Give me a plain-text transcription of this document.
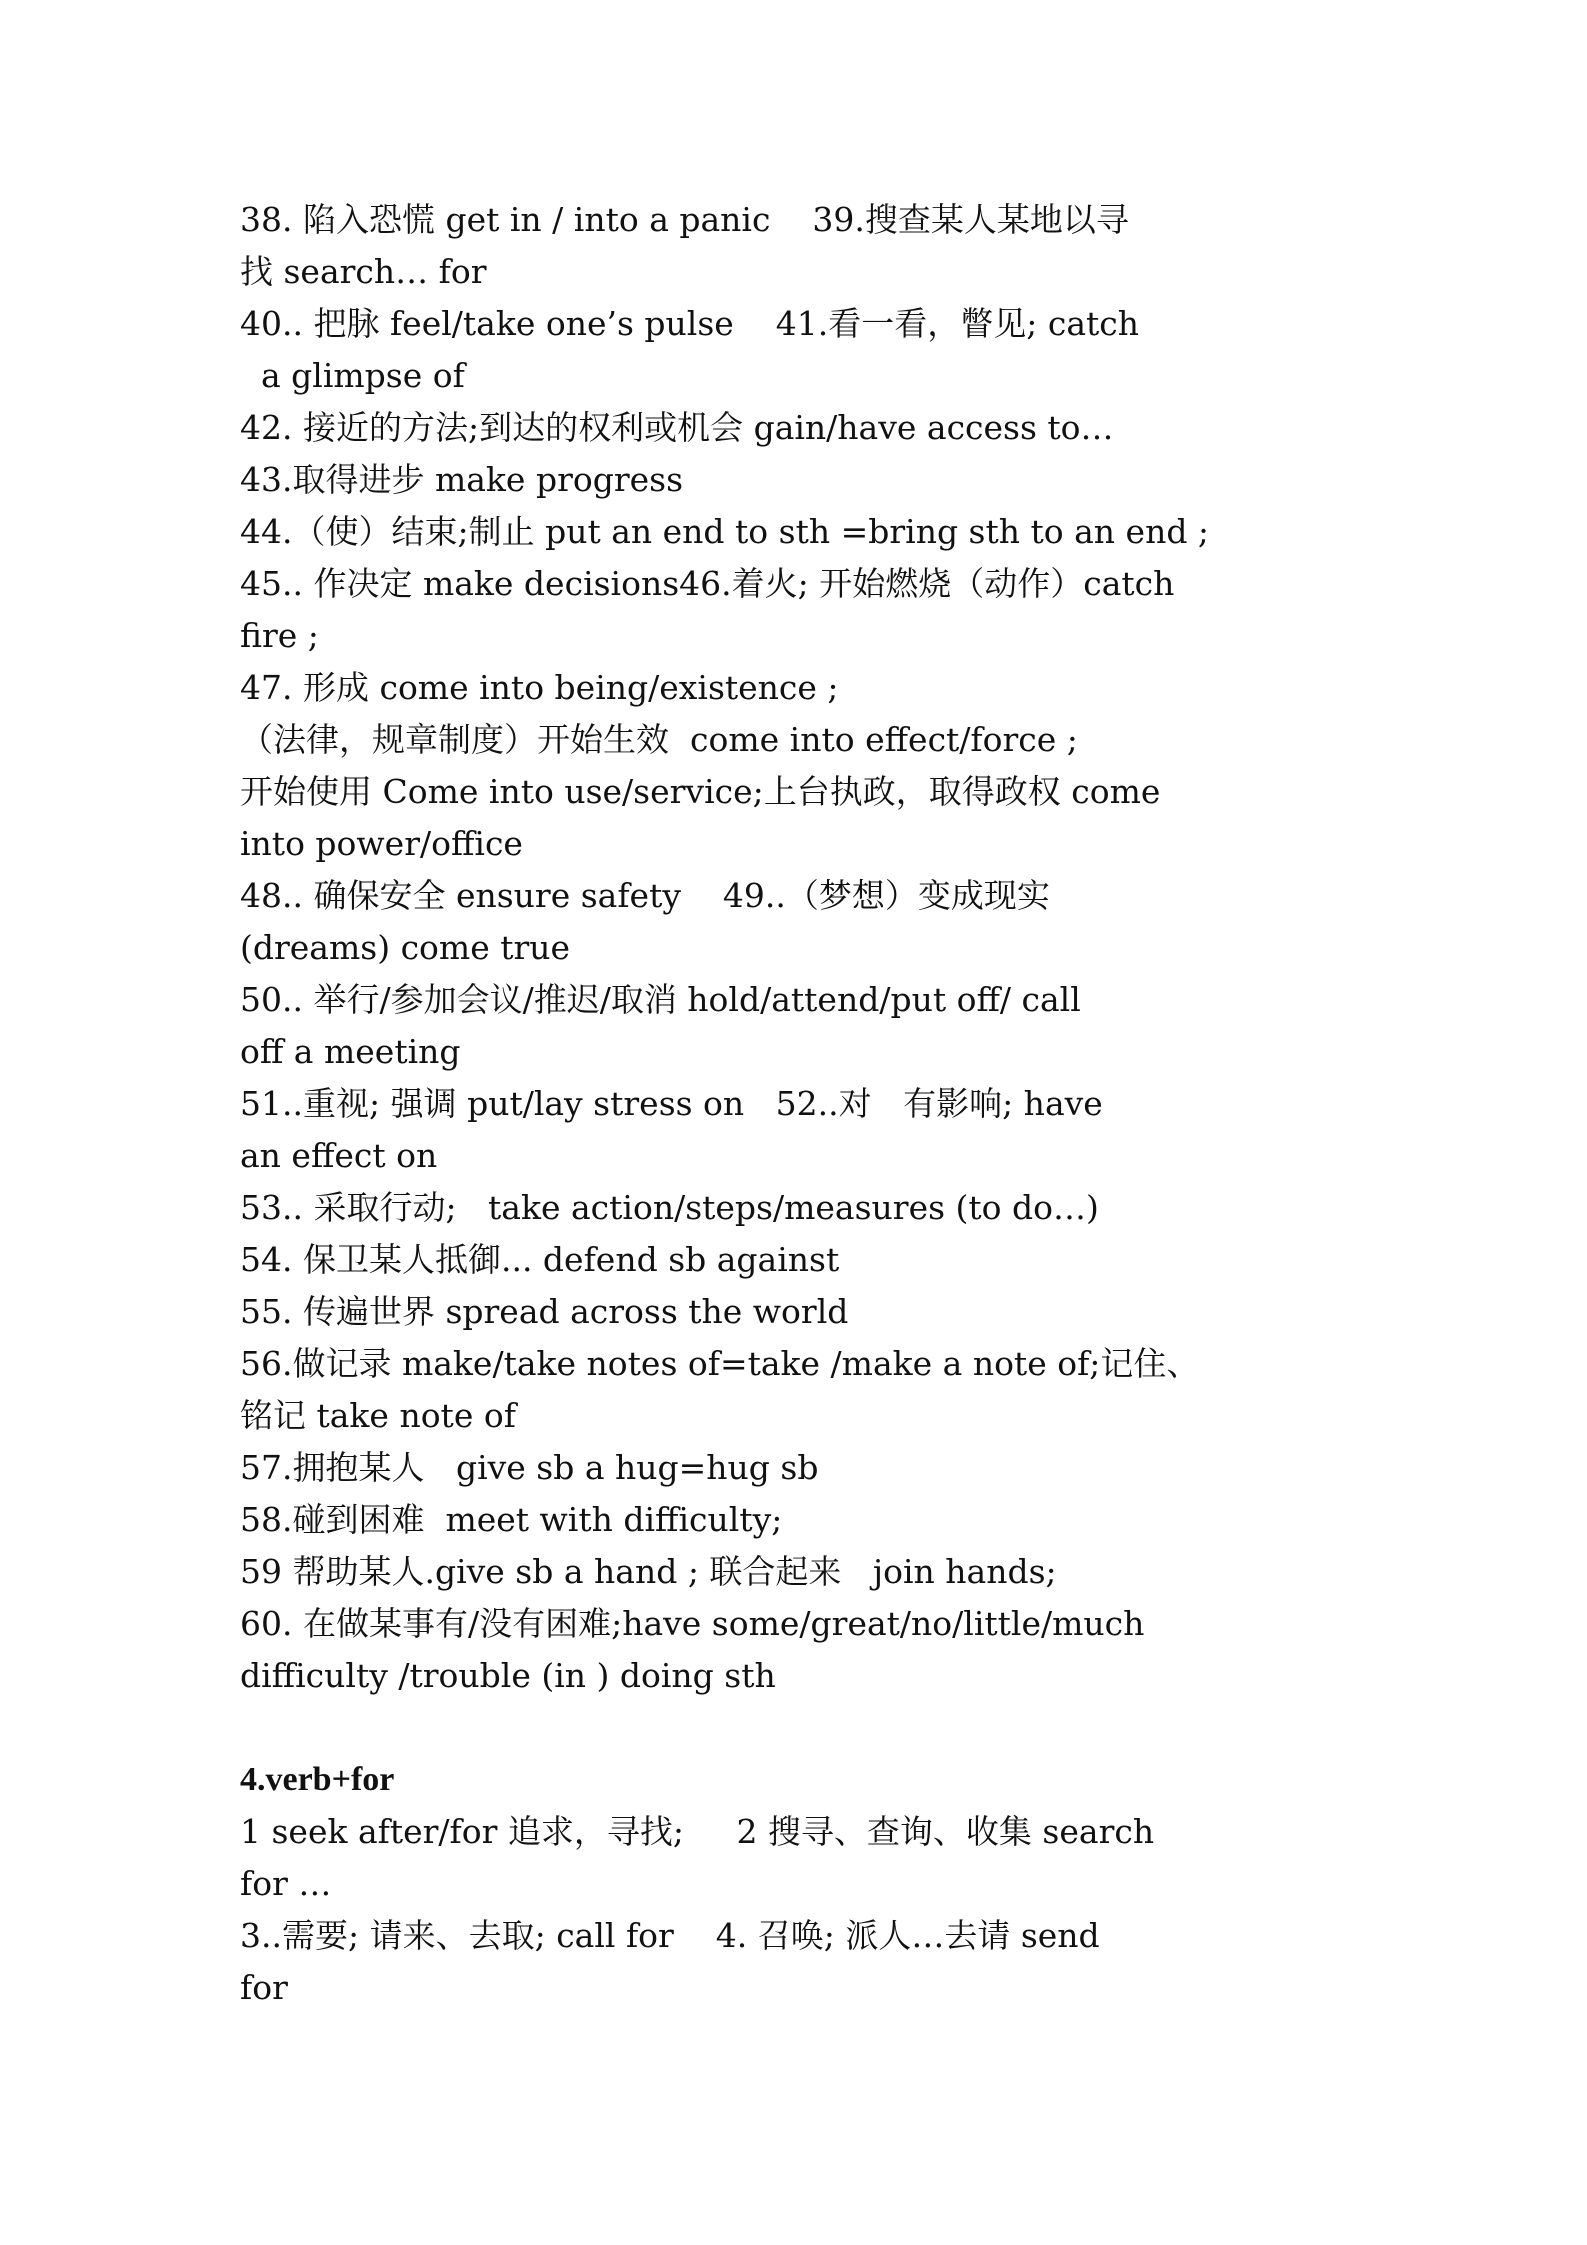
38. 陷入恐慌 get in / into a panic    39.搜查某人某地以寻
找 search… for
40.. 把脉 feel/take one’s pulse    41.看一看，瞥见; catch
a glimpse of
42. 接近的方法;到达的权利或机会 gain/have access to…
43.取得进步 make progress
44.（使）结束;制止 put an end to sth =bring sth to an end ;
45.. 作决定 make decisions46.着火; 开始燃烧（动作）catch
fire ;
47. 形成 come into being/existence ;
（法律，规章制度）开始生效  come into effect/force ;
开始使用 Come into use/service;上台执政，取得政权 come
into power/office
48.. 确保安全 ensure safety    49..（梦想）变成现实
(dreams) come true
50.. 举行/参加会议/推迟/取消 hold/attend/put off/ call
off a meeting
51..重视; 强调 put/lay stress on   52..对   有影响; have
an effect on
53.. 采取行动;   take action/steps/measures (to do…)
54. 保卫某人抵御... defend sb against
55. 传遍世界 spread across the world
56.做记录 make/take notes of=take /make a note of;记住、
铭记 take note of
57.拥抱某人   give sb a hug=hug sb
58.碰到困难  meet with difficulty;
59 帮助某人.give sb a hand ; 联合起来   join hands;
60. 在做某事有/没有困难;have some/great/no/little/much
difficulty /trouble (in ) doing sth
4.verb+for
1 seek after/for 追求，寻找;     2 搜寻、查询、收集 search
for …
3..需要; 请来、去取; call for    4. 召唤; 派人…去请 send
for
